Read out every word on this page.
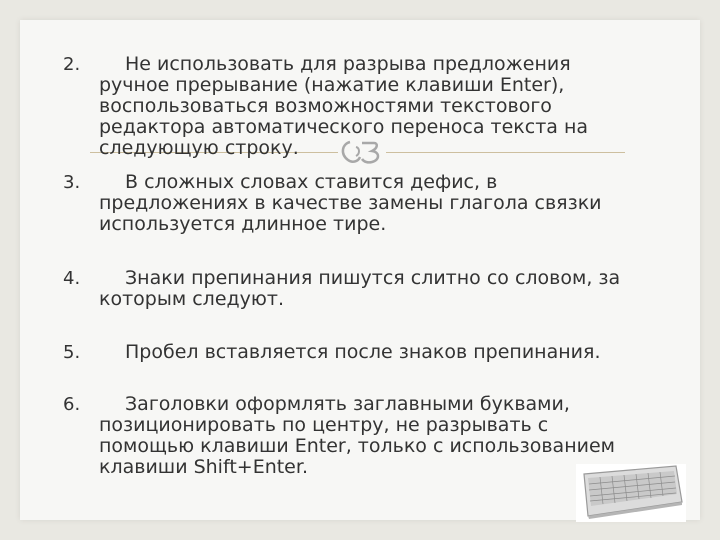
2.	Не использовать для разрыва предложения ручное прерывание (нажатие клавиши Enter), воспользоваться возможностями текстового редактора автоматического переноса текста на следующую строку.
3.	В сложных словах ставится дефис, в предложениях в качестве замены глагола связки используется длинное тире.
4.	Знаки препинания пишутся слитно со словом, за которым следуют.
5.	Пробел вставляется после знаков препинания.
6.	Заголовки оформлять заглавными буквами, позиционировать по центру, не разрывать с помощью клавиши Enter, только с использованием клавиши Shift+Enter.
